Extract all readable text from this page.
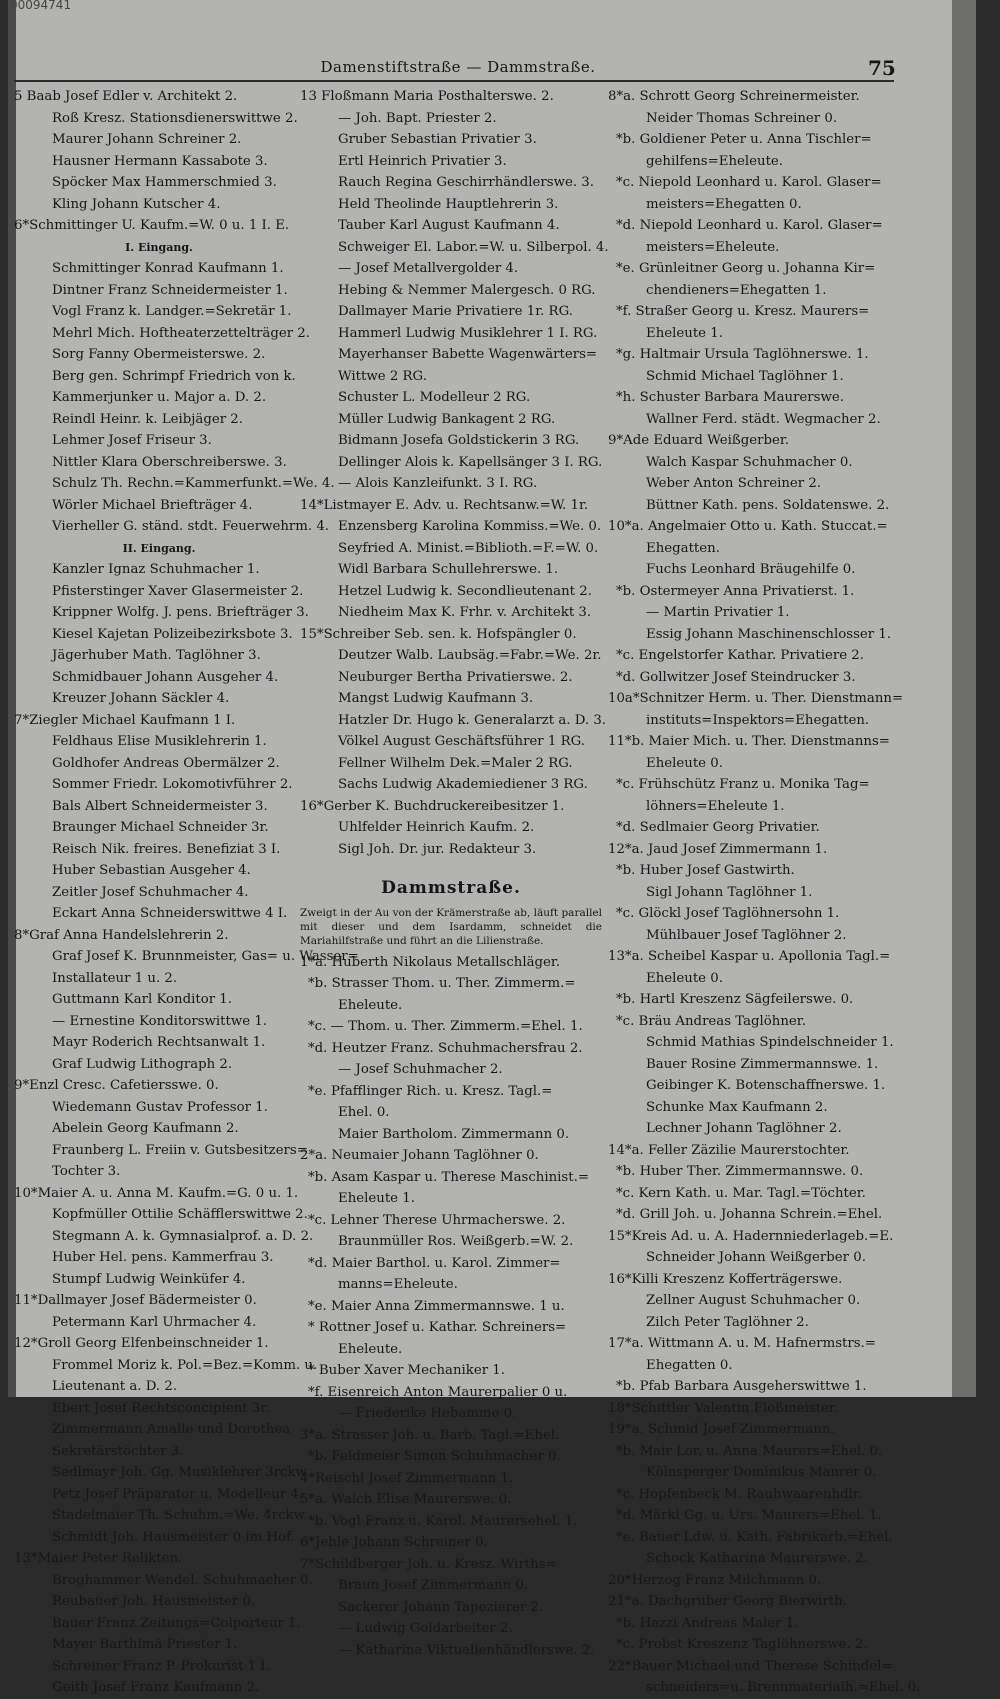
00094741
Damenstiftstraße — Dammstraße.	75
5 Baab Josef Edler v. Architekt 2.
Roß Kresz. Stationsdienerswittwe 2.
Maurer Johann Schreiner 2.
Hausner Hermann Kassabote 3.
Spöcker Max Hammerschmied 3.
Kling Johann Kutscher 4.
6*Schmittinger U. Kaufm.=W. 0 u. 1 I. E.
I. Eingang.
Schmittinger Konrad Kaufmann 1.
Dintner Franz Schneidermeister 1.
Vogl Franz k. Landger.=Sekretär 1.
Mehrl Mich. Hoftheaterzettelträger 2.
Sorg Fanny Obermeisterswe. 2.
Berg gen. Schrimpf Friedrich von k.
Kammerjunker u. Major a. D. 2.
Reindl Heinr. k. Leibjäger 2.
Lehmer Josef Friseur 3.
Nittler Klara Oberschreiberswe. 3.
Schulz Th. Rechn.=Kammerfunkt.=We. 4.
Wörler Michael Briefträger 4.
Vierheller G. ständ. stdt. Feuerwehrm. 4.
II. Eingang.
Kanzler Ignaz Schuhmacher 1.
Pfisterstinger Xaver Glasermeister 2.
Krippner Wolfg. J. pens. Briefträger 3.
Kiesel Kajetan Polizeibezirksbote 3.
Jägerhuber Math. Taglöhner 3.
Schmidbauer Johann Ausgeher 4.
Kreuzer Johann Säckler 4.
7*Ziegler Michael Kaufmann 1 I.
Feldhaus Elise Musiklehrerin 1.
Goldhofer Andreas Obermälzer 2.
Sommer Friedr. Lokomotivführer 2.
Bals Albert Schneidermeister 3.
Braunger Michael Schneider 3r.
Reisch Nik. freires. Benefiziat 3 I.
Huber Sebastian Ausgeher 4.
Zeitler Josef Schuhmacher 4.
Eckart Anna Schneiderswittwe 4 I.
8*Graf Anna Handelslehrerin 2.
Graf Josef K. Brunnmeister, Gas= u. Wasser=
Installateur 1 u. 2.
Guttmann Karl Konditor 1.
— Ernestine Konditorswittwe 1.
Mayr Roderich Rechtsanwalt 1.
Graf Ludwig Lithograph 2.
9*Enzl Cresc. Cafetiersswe. 0.
Wiedemann Gustav Professor 1.
Abelein Georg Kaufmann 2.
Fraunberg L. Freiin v. Gutsbesitzers=
Tochter 3.
10*Maier A. u. Anna M. Kaufm.=G. 0 u. 1.
Kopfmüller Ottilie Schäfflerswittwe 2.
Stegmann A. k. Gymnasialprof. a. D. 2.
Huber Hel. pens. Kammerfrau 3.
Stumpf Ludwig Weinküfer 4.
11*Dallmayer Josef Bädermeister 0.
Petermann Karl Uhrmacher 4.
12*Groll Georg Elfenbeinschneider 1.
Frommel Moriz k. Pol.=Bez.=Komm. u.
Lieutenant a. D. 2.
Ebert Josef Rechtsconcipient 3r.
Zimmermann Amalie und Dorothea
Sekretärstöchter 3.
Sedlmayr Joh. Gg. Musiklehrer 3rckw.
Petz Josef Präparator u. Modelleur 4.
Stadelmaier Th. Schuhm.=We. 4rckw.
Schmidt Joh. Hausmeister 0 im Hof.
13*Maier Peter Relikten.
Broghammer Wendel. Schuhmacher 0.
Reubauer Joh. Hausmeister 0.
Bauer Franz Zeitungs=Colporteur 1.
Mayer Barthlmä Priester 1.
Schreiner Franz P. Prokurist 1 I.
Geith Josef Franz Kaufmann 2.
13 Floßmann Maria Posthalterswe. 2.
— Joh. Bapt. Priester 2.
Gruber Sebastian Privatier 3.
Ertl Heinrich Privatier 3.
Rauch Regina Geschirrhändlerswe. 3.
Held Theolinde Hauptlehrerin 3.
Tauber Karl August Kaufmann 4.
Schweiger El. Labor.=W. u. Silberpol. 4.
— Josef Metallvergolder 4.
Hebing & Nemmer Malergesch. 0 RG.
Dallmayer Marie Privatiere 1r. RG.
Hammerl Ludwig Musiklehrer 1 I. RG.
Mayerhanser Babette Wagenwärters=
Wittwe 2 RG.
Schuster L. Modelleur 2 RG.
Müller Ludwig Bankagent 2 RG.
Bidmann Josefa Goldstickerin 3 RG.
Dellinger Alois k. Kapellsänger 3 I. RG.
— Alois Kanzleifunkt. 3 I. RG.
14*Listmayer E. Adv. u. Rechtsanw.=W. 1r.
Enzensberg Karolina Kommiss.=We. 0.
Seyfried A. Minist.=Biblioth.=F.=W. 0.
Widl Barbara Schullehrerswe. 1.
Hetzel Ludwig k. Secondlieutenant 2.
Niedheim Max K. Frhr. v. Architekt 3.
15*Schreiber Seb. sen. k. Hofspängler 0.
Deutzer Walb. Laubsäg.=Fabr.=We. 2r.
Neuburger Bertha Privatierswe. 2.
Mangst Ludwig Kaufmann 3.
Hatzler Dr. Hugo k. Generalarzt a. D. 3.
Völkel August Geschäftsführer 1 RG.
Fellner Wilhelm Dek.=Maler 2 RG.
Sachs Ludwig Akademiediener 3 RG.
16*Gerber K. Buchdruckereibesitzer 1.
Uhlfelder Heinrich Kaufm. 2.
Sigl Joh. Dr. jur. Redakteur 3.
Dammstraße.
Zweigt in der Au von der Krämerstraße ab, läuft parallel mit dieser und dem Isardamm, schneidet die Mariahilfstraße und führt an die Lilienstraße.
1*a. Huberth Nikolaus Metallschläger.
*b. Strasser Thom. u. Ther. Zimmerm.=
Eheleute.
*c. — Thom. u. Ther. Zimmerm.=Ehel. 1.
*d. Heutzer Franz. Schuhmachersfrau 2.
— Josef Schuhmacher 2.
*e. Pfafflinger Rich. u. Kresz. Tagl.=
Ehel. 0.
Maier Bartholom. Zimmermann 0.
2*a. Neumaier Johann Taglöhner 0.
*b. Asam Kaspar u. Therese Maschinist.=
Eheleute 1.
*c. Lehner Therese Uhrmacherswe. 2.
Braunmüller Ros. Weißgerb.=W. 2.
*d. Maier Barthol. u. Karol. Zimmer=
manns=Eheleute.
*e. Maier Anna Zimmermannswe. 1 u.
* Rottner Josef u. Kathar. Schreiners=
Eheleute.
* Buber Xaver Mechaniker 1.
*f. Eisenreich Anton Maurerpalier 0 u.
— Friederike Hebamme 0.
3*a. Strasser Joh. u. Barb. Tagl.=Ehel.
*b. Feldmeier Simon Schuhmacher 0.
4*Reischl Josef Zimmermann 1.
5*a. Walch Elise Maurerswe. 0.
*b. Vogl Franz u. Karol. Maurersehel. 1.
6*Jehle Johann Schreiner 0.
7*Schildberger Joh. u. Kresz. Wirths=
Braun Josef Zimmermann 0.
Sackerer Johann Tapezierer 2.
— Ludwig Goldarbeiter 2.
— Katharina Viktualienhändlerswe. 2.
8*a. Schrott Georg Schreinermeister.
Neider Thomas Schreiner 0.
*b. Goldiener Peter u. Anna Tischler=
gehilfens=Eheleute.
*c. Niepold Leonhard u. Karol. Glaser=
meisters=Ehegatten 0.
*d. Niepold Leonhard u. Karol. Glaser=
meisters=Eheleute.
*e. Grünleitner Georg u. Johanna Kir=
chendieners=Ehegatten 1.
*f. Straßer Georg u. Kresz. Maurers=
Eheleute 1.
*g. Haltmair Ursula Taglöhnerswe. 1.
Schmid Michael Taglöhner 1.
*h. Schuster Barbara Maurerswe.
Wallner Ferd. städt. Wegmacher 2.
9*Ade Eduard Weißgerber.
Walch Kaspar Schuhmacher 0.
Weber Anton Schreiner 2.
Büttner Kath. pens. Soldatenswe. 2.
10*a. Angelmaier Otto u. Kath. Stuccat.=
Ehegatten.
Fuchs Leonhard Bräugehilfe 0.
*b. Ostermeyer Anna Privatierst. 1.
— Martin Privatier 1.
Essig Johann Maschinenschlosser 1.
*c. Engelstorfer Kathar. Privatiere 2.
*d. Gollwitzer Josef Steindrucker 3.
10a*Schnitzer Herm. u. Ther. Dienstmann=
instituts=Inspektors=Ehegatten.
11*b. Maier Mich. u. Ther. Dienstmanns=
Eheleute 0.
*c. Frühschütz Franz u. Monika Tag=
löhners=Eheleute 1.
*d. Sedlmaier Georg Privatier.
12*a. Jaud Josef Zimmermann 1.
*b. Huber Josef Gastwirth.
Sigl Johann Taglöhner 1.
*c. Glöckl Josef Taglöhnersohn 1.
Mühlbauer Josef Taglöhner 2.
13*a. Scheibel Kaspar u. Apollonia Tagl.=
Eheleute 0.
*b. Hartl Kreszenz Sägfeilerswe. 0.
*c. Bräu Andreas Taglöhner.
Schmid Mathias Spindelschneider 1.
Bauer Rosine Zimmermannswe. 1.
Geibinger K. Botenschaffnerswe. 1.
Schunke Max Kaufmann 2.
Lechner Johann Taglöhner 2.
14*a. Feller Zäzilie Maurerstochter.
*b. Huber Ther. Zimmermannswe. 0.
*c. Kern Kath. u. Mar. Tagl.=Töchter.
*d. Grill Joh. u. Johanna Schrein.=Ehel.
15*Kreis Ad. u. A. Hadernniederlageb.=E.
Schneider Johann Weißgerber 0.
16*Killi Kreszenz Kofferträgerswe.
Zellner August Schuhmacher 0.
Zilch Peter Taglöhner 2.
17*a. Wittmann A. u. M. Hafnermstrs.=
Ehegatten 0.
*b. Pfab Barbara Ausgeherswittwe 1.
18*Schittler Valentin Floßmeister.
19*a. Schmid Josef Zimmermann.
*b. Mair Lor. u. Anna Maurers=Ehel. 0.
Kölnsperger Dominikus Maurer 0.
*c. Hopfenbeck M. Rauhwaarenhdlr.
*d. Märkl Gg. u. Urs. Maurers=Ehel. 1.
*e. Bauer Ldw. u. Kath. Fabrikarb.=Ehel.
Schock Katharina Maurerswe. 2.
20*Herzog Franz Milchmann 0.
21*a. Dachgruber Georg Bierwirth.
*b. Hazzi Andreas Maler 1.
*c. Probst Kreszenz Taglöhnerswe. 2.
22*Bauer Michael und Therese Schindel=
schneiders=u. Brennmaterialh.=Ehel. 0.
